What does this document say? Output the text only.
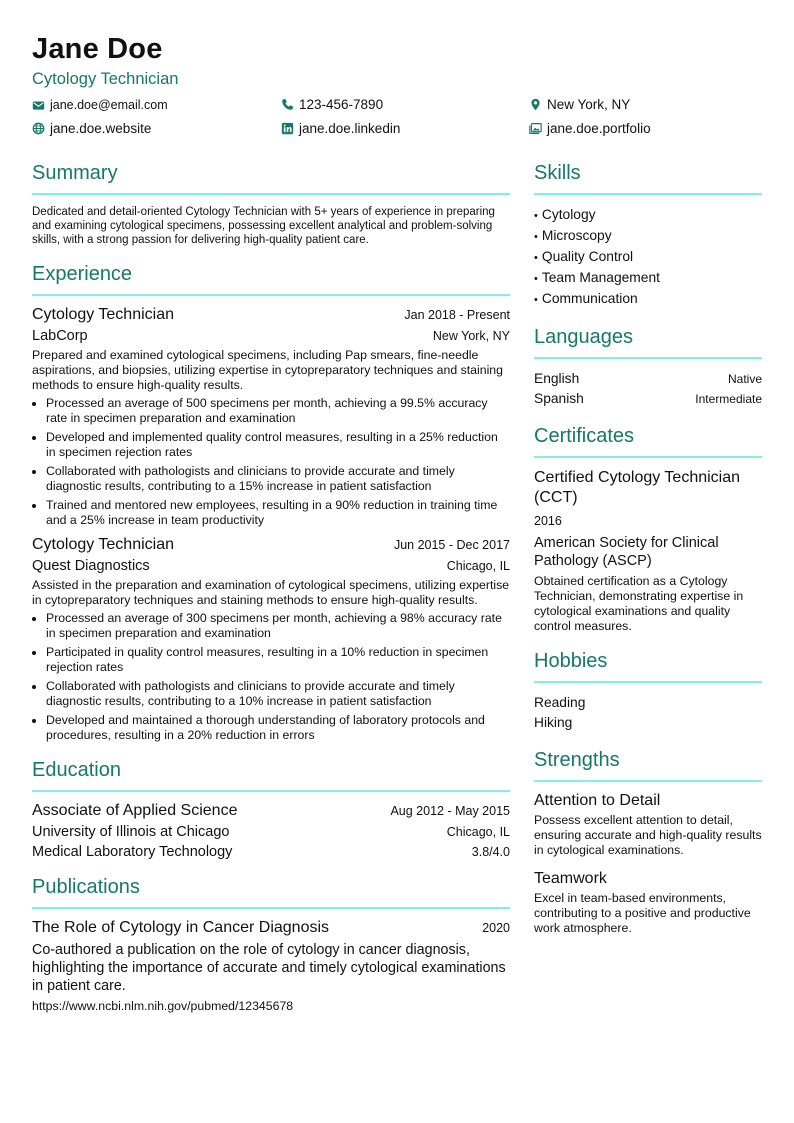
Jane Doe
Cytology Technician
jane.doe@email.com	123-456-7890	New York, NY
jane.doe.website	jane.doe.linkedin	jane.doe.portfolio
Summary
Dedicated and detail-oriented Cytology Technician with 5+ years of experience in preparing and examining cytological specimens, possessing excellent analytical and problem-solving skills, with a strong passion for delivering high-quality patient care.
Experience
Cytology Technician	Jan 2018 - Present
LabCorp	New York, NY
Prepared and examined cytological specimens, including Pap smears, fine-needle aspirations, and biopsies, utilizing expertise in cytopreparatory techniques and staining methods to ensure high-quality results.
• Processed an average of 500 specimens per month, achieving a 99.5% accuracy rate in specimen preparation and examination
• Developed and implemented quality control measures, resulting in a 25% reduction in specimen rejection rates
• Collaborated with pathologists and clinicians to provide accurate and timely diagnostic results, contributing to a 15% increase in patient satisfaction
• Trained and mentored new employees, resulting in a 90% reduction in training time and a 25% increase in team productivity
Cytology Technician	Jun 2015 - Dec 2017
Quest Diagnostics	Chicago, IL
Assisted in the preparation and examination of cytological specimens, utilizing expertise in cytopreparatory techniques and staining methods to ensure high-quality results.
• Processed an average of 300 specimens per month, achieving a 98% accuracy rate in specimen preparation and examination
• Participated in quality control measures, resulting in a 10% reduction in specimen rejection rates
• Collaborated with pathologists and clinicians to provide accurate and timely diagnostic results, contributing to a 10% increase in patient satisfaction
• Developed and maintained a thorough understanding of laboratory protocols and procedures, resulting in a 20% reduction in errors
Education
Associate of Applied Science	Aug 2012 - May 2015
University of Illinois at Chicago	Chicago, IL
Medical Laboratory Technology	3.8/4.0
Publications
The Role of Cytology in Cancer Diagnosis	2020
Co-authored a publication on the role of cytology in cancer diagnosis, highlighting the importance of accurate and timely cytological examinations in patient care.
https://www.ncbi.nlm.nih.gov/pubmed/12345678
Skills
• Cytology
• Microscopy
• Quality Control
• Team Management
• Communication
Languages
English	Native
Spanish	Intermediate
Certificates
Certified Cytology Technician (CCT)
2016
American Society for Clinical Pathology (ASCP)
Obtained certification as a Cytology Technician, demonstrating expertise in cytological examinations and quality control measures.
Hobbies
Reading
Hiking
Strengths
Attention to Detail
Possess excellent attention to detail, ensuring accurate and high-quality results in cytological examinations.
Teamwork
Excel in team-based environments, contributing to a positive and productive work atmosphere.
